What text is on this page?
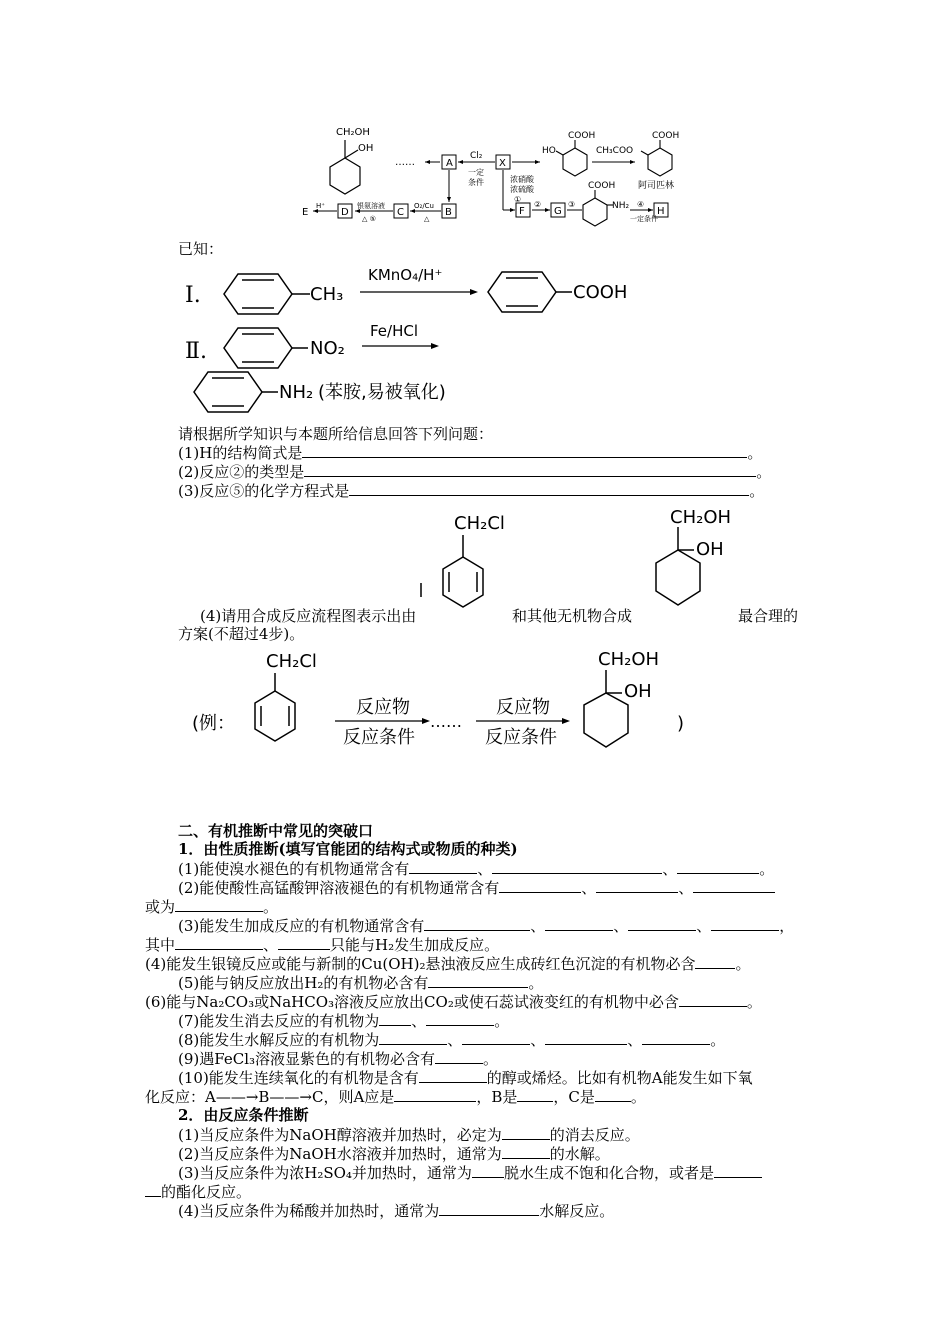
CH₂OH
OH
……	A
Cl₂
一定
条件
X
COOH
HO
COOH
CH₃COO
阿司匹林
浓硝酸
浓硫酸
①
F
②
G
③
COOH
NH₂ ④
一定条件
H
B
O₂/Cu
△
C
银氨溶液
△ ⑤
D
H⁺
E
已知：
Ⅰ.	CH₃
KMnO₄/H⁺
COOH
Ⅱ.	NO₂
Fe/HCl
NH₂ (苯胺,易被氧化)
请根据所学知识与本题所给信息回答下列问题：
(1)H的结构简式是	。
(2)反应②的类型是	。
(3)反应⑤的化学方程式是	。
CH₂Cl	CH₂OH
OH
(4)请用合成反应流程图表示出由	和其他无机物合成	最合理的
方案(不超过4步)。
(例：
CH₂Cl
反应物
反应条件
……
反应物
反应条件
CH₂OH
OH
)
二、有机推断中常见的突破口
1．由性质推断(填写官能团的结构式或物质的种类)
(1)能使溴水褪色的有机物通常含有	、	、	。
(2)能使酸性高锰酸钾溶液褪色的有机物通常含有	、	、
或为	。
(3)能发生加成反应的有机物通常含有	、	、	、	，
其中	、	只能与H₂发生加成反应。
(4)能发生银镜反应或能与新制的Cu(OH)₂悬浊液反应生成砖红色沉淀的有机物必含	。
(5)能与钠反应放出H₂的有机物必含有	。
(6)能与Na₂CO₃或NaHCO₃溶液反应放出CO₂或使石蕊试液变红的有机物中必含	。
(7)能发生消去反应的有机物为 、	。
(8)能发生水解反应的有机物为	、	、	、	。
(9)遇FeCl₃溶液显紫色的有机物必含有	。
(10)能发生连续氧化的有机物是含有	的醇或烯烃。比如有机物A能发生如下氧
化反应：A——→B——→C，则A应是	，B是 ，C是 。
2．由反应条件推断
(1)当反应条件为NaOH醇溶液并加热时，必定为	的消去反应。
(2)当反应条件为NaOH水溶液并加热时，通常为	的水解。
(3)当反应条件为浓H₂SO₄并加热时，通常为 脱水生成不饱和化合物，或者是
的酯化反应。
(4)当反应条件为稀酸并加热时，通常为	水解反应。
